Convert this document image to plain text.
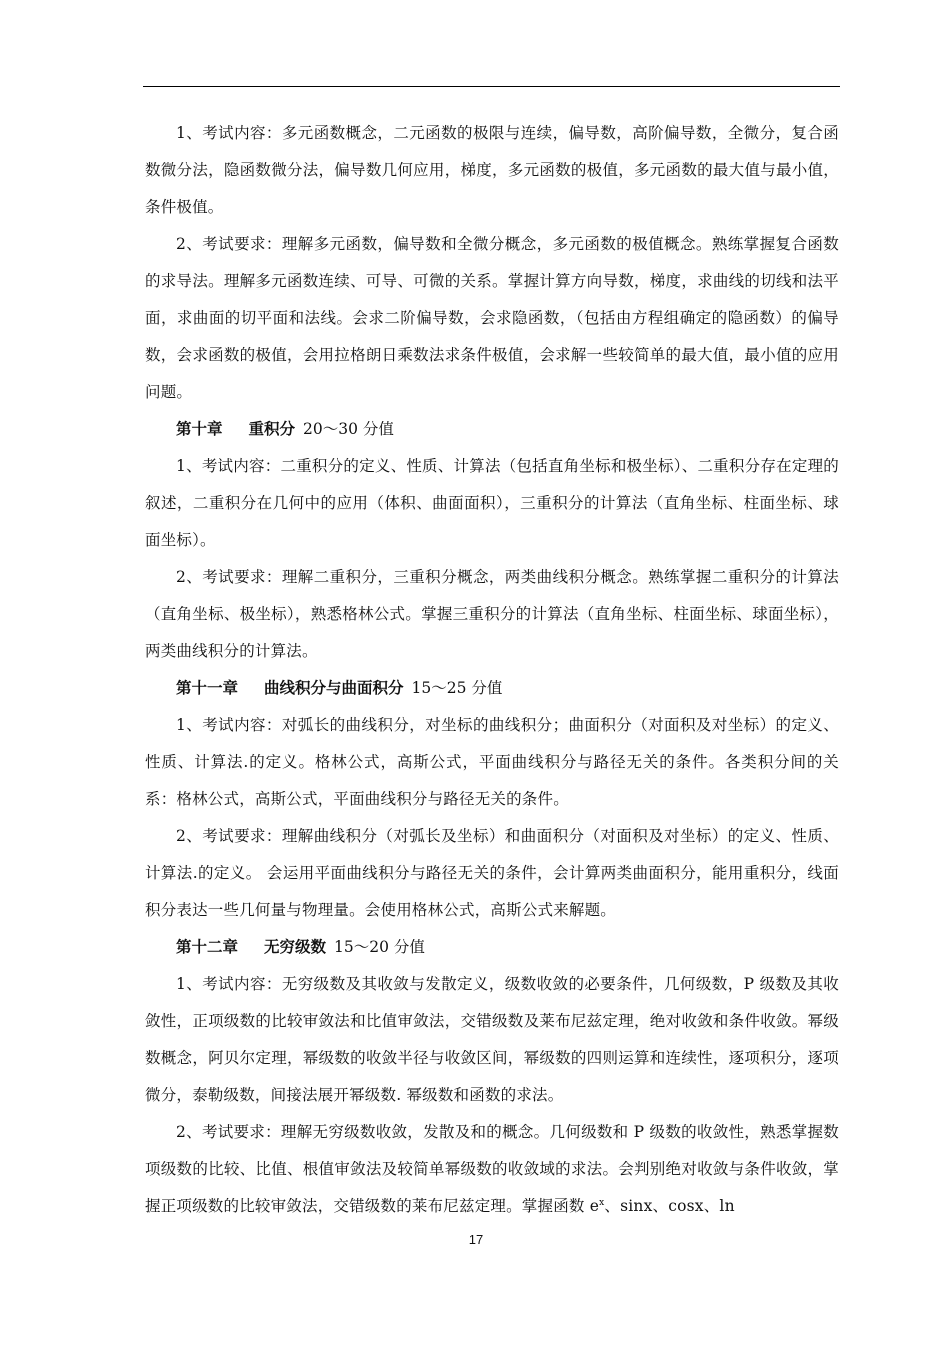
1、考试内容：多元函数概念，二元函数的极限与连续，偏导数，高阶偏导数，全微分，复合函数微分法，隐函数微分法，偏导数几何应用，梯度，多元函数的极值，多元函数的最大值与最小值，条件极值。

2、考试要求：理解多元函数，偏导数和全微分概念，多元函数的极值概念。熟练掌握复合函数的求导法。理解多元函数连续、可导、可微的关系。掌握计算方向导数，梯度，求曲线的切线和法平面，求曲面的切平面和法线。会求二阶偏导数，会求隐函数，（包括由方程组确定的隐函数）的偏导数，会求函数的极值，会用拉格朗日乘数法求条件极值，会求解一些较简单的最大值，最小值的应用问题。

第十章 重积分 20～30 分值

1、考试内容：二重积分的定义、性质、计算法（包括直角坐标和极坐标）、二重积分存在定理的叙述，二重积分在几何中的应用（体积、曲面面积），三重积分的计算法（直角坐标、柱面坐标、球面坐标）。

2、考试要求：理解二重积分，三重积分概念，两类曲线积分概念。熟练掌握二重积分的计算法（直角坐标、极坐标），熟悉格林公式。掌握三重积分的计算法（直角坐标、柱面坐标、球面坐标），两类曲线积分的计算法。

第十一章 曲线积分与曲面积分 15～25 分值

1、考试内容：对弧长的曲线积分，对坐标的曲线积分；曲面积分（对面积及对坐标）的定义、性质、计算法.的定义。格林公式，高斯公式，平面曲线积分与路径无关的条件。各类积分间的关系：格林公式，高斯公式，平面曲线积分与路径无关的条件。

2、考试要求：理解曲线积分（对弧长及坐标）和曲面积分（对面积及对坐标）的定义、性质、计算法.的定义。 会运用平面曲线积分与路径无关的条件，会计算两类曲面积分，能用重积分，线面积分表达一些几何量与物理量。会使用格林公式，高斯公式来解题。

第十二章 无穷级数 15～20 分值

1、考试内容：无穷级数及其收敛与发散定义，级数收敛的必要条件，几何级数，P 级数及其收敛性，正项级数的比较审敛法和比值审敛法，交错级数及莱布尼兹定理，绝对收敛和条件收敛。幂级数概念，阿贝尔定理，幂级数的收敛半径与收敛区间，幂级数的四则运算和连续性，逐项积分，逐项微分，泰勒级数，间接法展开幂级数. 幂级数和函数的求法。

2、考试要求：理解无穷级数收敛，发散及和的概念。几何级数和 P 级数的收敛性，熟悉掌握数项级数的比较、比值、根值审敛法及较简单幂级数的收敛域的求法。会判别绝对收敛与条件收敛，掌握正项级数的比较审敛法，交错级数的莱布尼兹定理。掌握函数 $e^x$、sinx、cosx、ln

17
